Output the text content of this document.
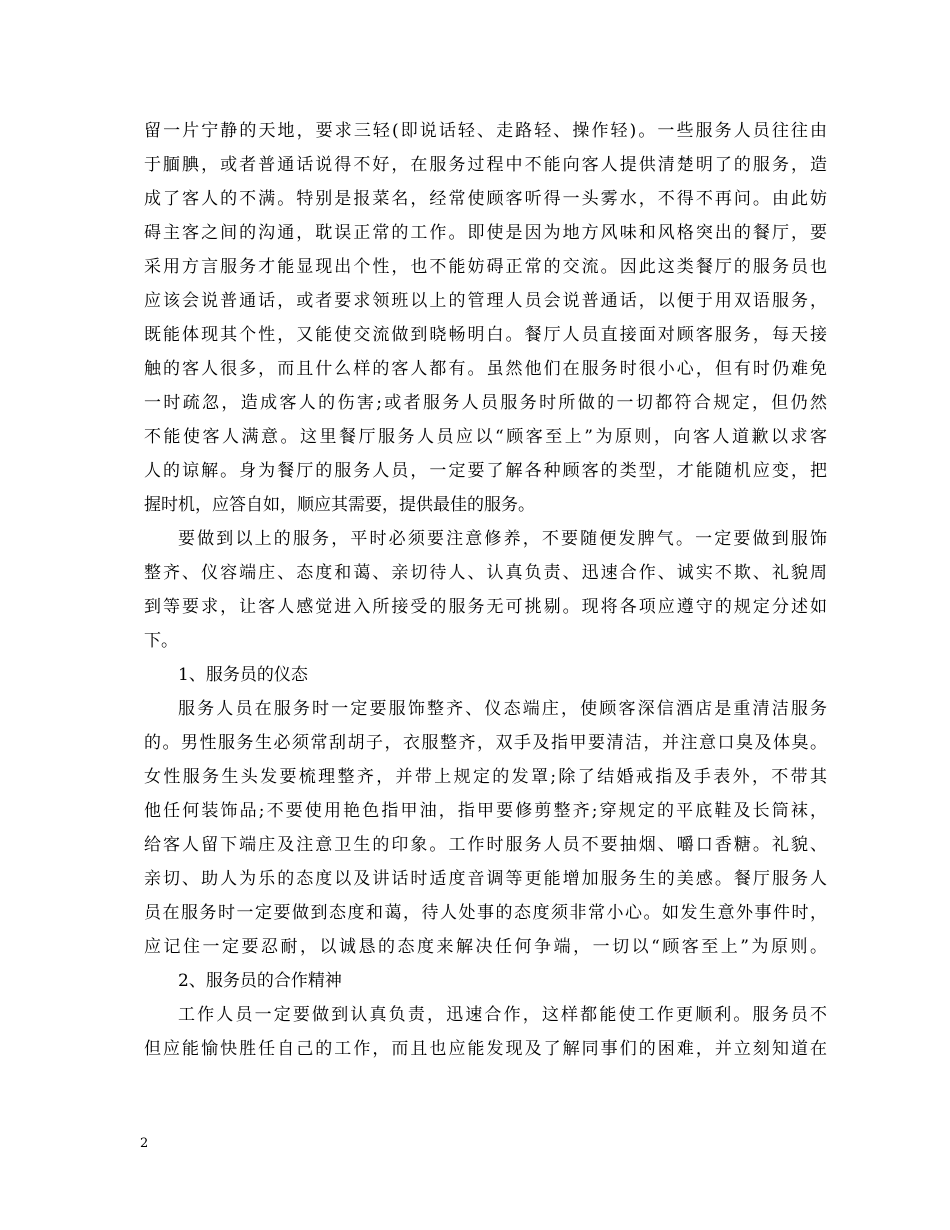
留一片宁静的天地，要求三轻(即说话轻、走路轻、操作轻)。一些服务人员往往由
于腼腆，或者普通话说得不好，在服务过程中不能向客人提供清楚明了的服务，造
成了客人的不满。特别是报菜名，经常使顾客听得一头雾水，不得不再问。由此妨
碍主客之间的沟通，耽误正常的工作。即使是因为地方风味和风格突出的餐厅，要
采用方言服务才能显现出个性，也不能妨碍正常的交流。因此这类餐厅的服务员也
应该会说普通话，或者要求领班以上的管理人员会说普通话，以便于用双语服务，
既能体现其个性，又能使交流做到晓畅明白。餐厅人员直接面对顾客服务，每天接
触的客人很多，而且什么样的客人都有。虽然他们在服务时很小心，但有时仍难免
一时疏忽，造成客人的伤害;或者服务人员服务时所做的一切都符合规定，但仍然
不能使客人满意。这里餐厅服务人员应以“顾客至上”为原则，向客人道歉以求客
人的谅解。身为餐厅的服务人员，一定要了解各种顾客的类型，才能随机应变，把
握时机，应答自如，顺应其需要，提供最佳的服务。
要做到以上的服务，平时必须要注意修养，不要随便发脾气。一定要做到服饰
整齐、仪容端庄、态度和蔼、亲切待人、认真负责、迅速合作、诚实不欺、礼貌周
到等要求，让客人感觉进入所接受的服务无可挑剔。现将各项应遵守的规定分述如
下。
1、服务员的仪态
服务人员在服务时一定要服饰整齐、仪态端庄，使顾客深信酒店是重清洁服务
的。男性服务生必须常刮胡子，衣服整齐，双手及指甲要清洁，并注意口臭及体臭。
女性服务生头发要梳理整齐，并带上规定的发罩;除了结婚戒指及手表外，不带其
他任何装饰品;不要使用艳色指甲油，指甲要修剪整齐;穿规定的平底鞋及长筒袜，
给客人留下端庄及注意卫生的印象。工作时服务人员不要抽烟、嚼口香糖。礼貌、
亲切、助人为乐的态度以及讲话时适度音调等更能增加服务生的美感。餐厅服务人
员在服务时一定要做到态度和蔼，待人处事的态度须非常小心。如发生意外事件时，
应记住一定要忍耐，以诚恳的态度来解决任何争端，一切以“顾客至上”为原则。
2、服务员的合作精神
工作人员一定要做到认真负责，迅速合作，这样都能使工作更顺利。服务员不
但应能愉快胜任自己的工作，而且也应能发现及了解同事们的困难，并立刻知道在
2
